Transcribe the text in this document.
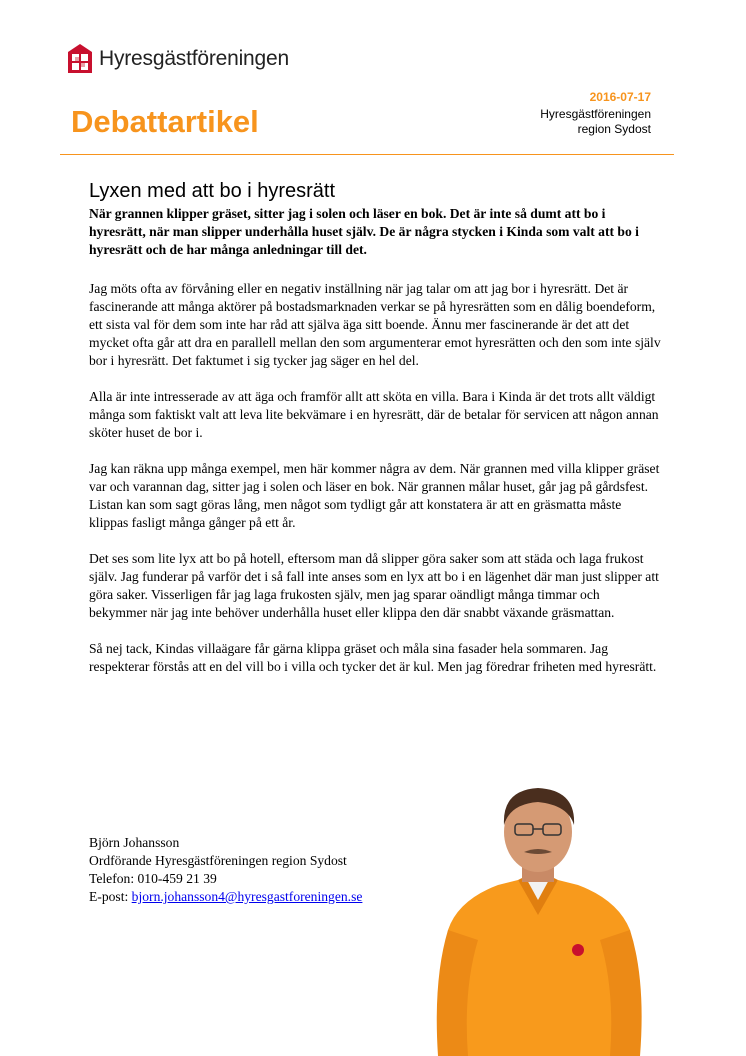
Hyresgästföreningen
Debattartikel
2016-07-17
Hyresgästföreningen
region Sydost
Lyxen med att bo i hyresrätt

När grannen klipper gräset, sitter jag i solen och läser en bok. Det är inte så dumt att bo i hyresrätt, när man slipper underhålla huset själv. De är några stycken i Kinda som valt att bo i hyresrätt och de har många anledningar till det.

Jag möts ofta av förvåning eller en negativ inställning när jag talar om att jag bor i hyresrätt. Det är fascinerande att många aktörer på bostadsmarknaden verkar se på hyresrätten som en dålig boendeform, ett sista val för dem som inte har råd att själva äga sitt boende. Ännu mer fascinerande är det att det mycket ofta går att dra en parallell mellan den som argumenterar emot hyresrätten och den som inte själv bor i hyresrätt. Det faktumet i sig tycker jag säger en hel del.

Alla är inte intresserade av att äga och framför allt att sköta en villa. Bara i Kinda är det trots allt väldigt många som faktiskt valt att leva lite bekvämare i en hyresrätt, där de betalar för servicen att någon annan sköter huset de bor i.

Jag kan räkna upp många exempel, men här kommer några av dem. När grannen med villa klipper gräset var och varannan dag, sitter jag i solen och läser en bok. När grannen målar huset, går jag på gårdsfest. Listan kan som sagt göras lång, men något som tydligt går att konstatera är att en gräsmatta måste klippas fasligt många gånger på ett år.

Det ses som lite lyx att bo på hotell, eftersom man då slipper göra saker som att städa och laga frukost själv. Jag funderar på varför det i så fall inte anses som en lyx att bo i en lägenhet där man just slipper att göra saker. Visserligen får jag laga frukosten själv, men jag sparar oändligt många timmar och bekymmer när jag inte behöver underhålla huset eller klippa den där snabbt växande gräsmattan.

Så nej tack, Kindas villaägare får gärna klippa gräset och måla sina fasader hela sommaren. Jag respekterar förstås att en del vill bo i villa och tycker det är kul. Men jag föredrar friheten med hyresrätt.

Björn Johansson
Ordförande Hyresgästföreningen region Sydost
Telefon: 010-459 21 39
E-post: bjorn.johansson4@hyresgastforeningen.se
